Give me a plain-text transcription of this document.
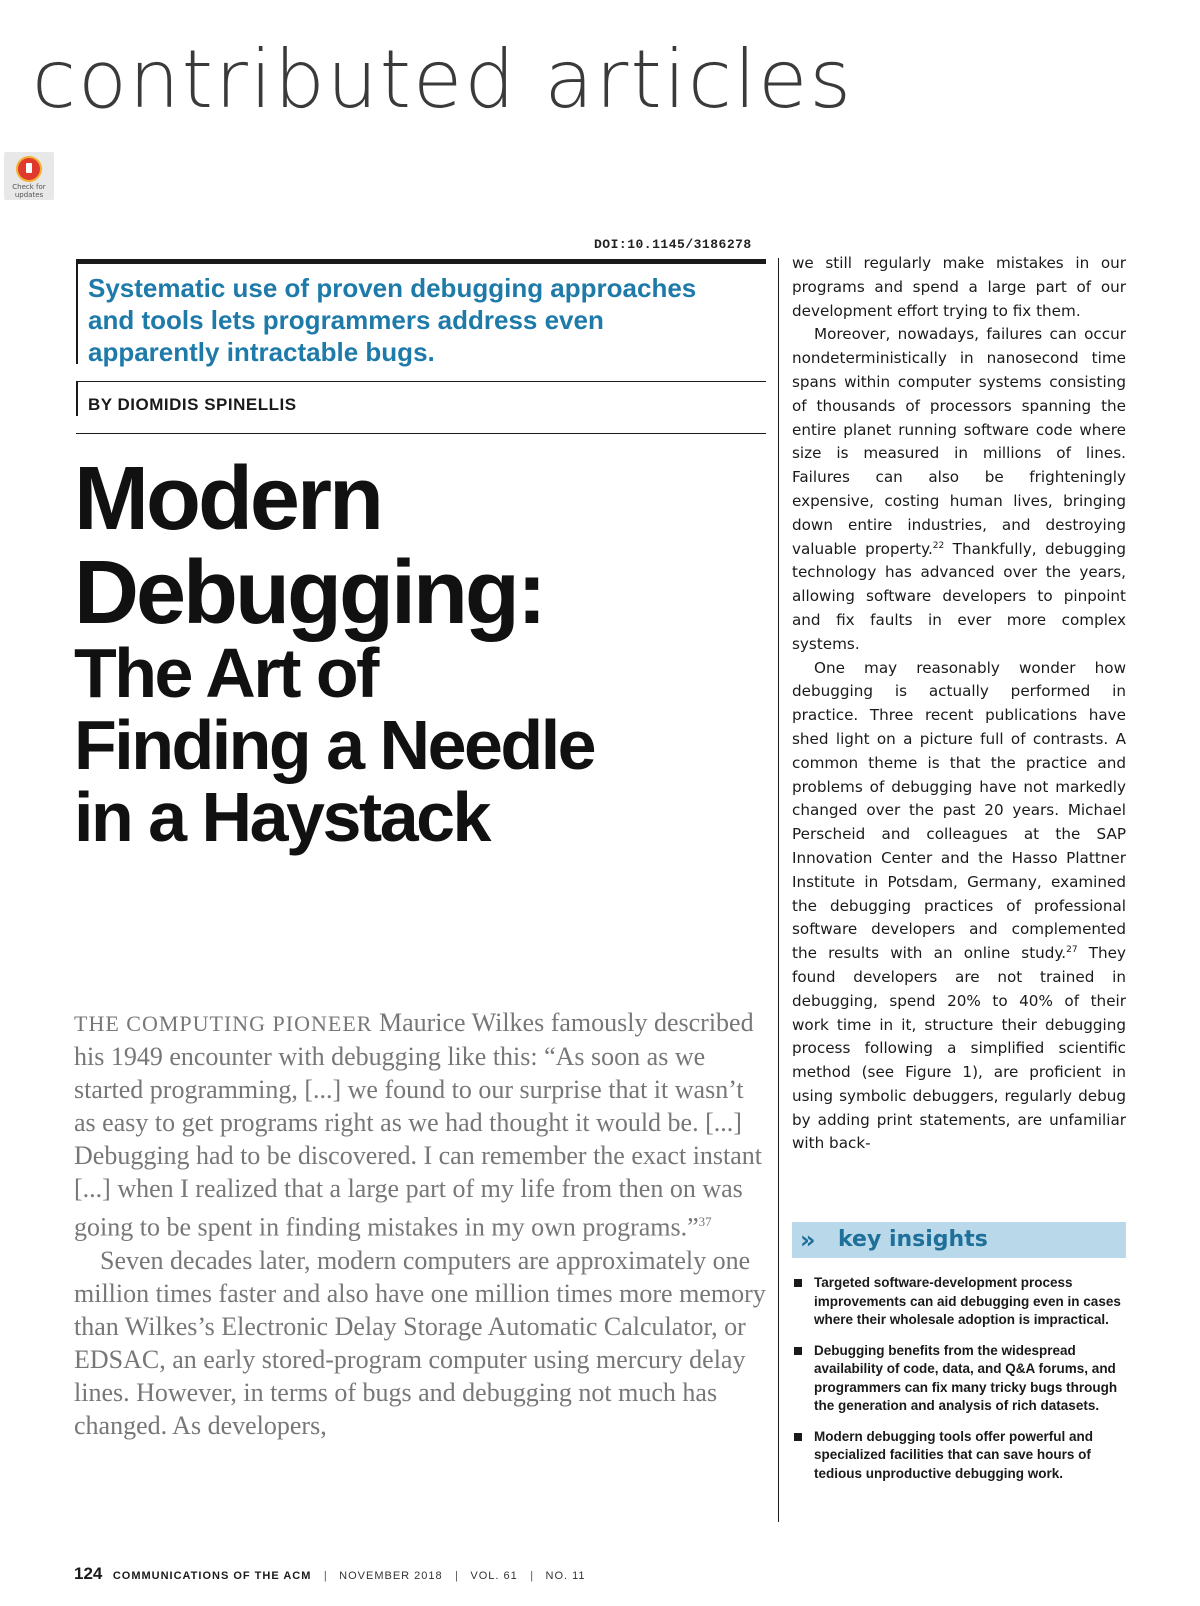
contributed articles
Check for updates
DOI:10.1145/3186278
Systematic use of proven debugging approaches and tools lets programmers address even apparently intractable bugs.
BY DIOMIDIS SPINELLIS
Modern
Debugging:
The Art of
Finding a Needle
in a Haystack

THE COMPUTING PIONEER Maurice Wilkes famously described his 1949 encounter with debugging like this: “As soon as we started programming, [...] we found to our surprise that it wasn’t as easy to get programs right as we had thought it would be. [...] Debugging had to be discovered. I can remember the exact instant [...] when I realized that a large part of my life from then on was going to be spent in finding mistakes in my own programs.”$^{37}$

Seven decades later, modern computers are approximately one million times faster and also have one million times more memory than Wilkes’s Electronic Delay Storage Automatic Calculator, or EDSAC, an early stored-program computer using mercury delay lines. However, in terms of bugs and debugging not much has changed. As developers,

we still regularly make mistakes in our programs and spend a large part of our development effort trying to fix them.

Moreover, nowadays, failures can occur nondeterministically in nanosecond time spans within computer systems consisting of thousands of processors spanning the entire planet running software code where size is measured in millions of lines. Failures can also be frighteningly expensive, costing human lives, bringing down entire industries, and destroying valuable property.$^{22}$ Thankfully, debugging technology has advanced over the years, allowing software developers to pinpoint and fix faults in ever more complex systems.

One may reasonably wonder how debugging is actually performed in practice. Three recent publications have shed light on a picture full of contrasts. A common theme is that the practice and problems of debugging have not markedly changed over the past 20 years. Michael Perscheid and colleagues at the SAP Innovation Center and the Hasso Plattner Institute in Potsdam, Germany, examined the debugging practices of professional software developers and complemented the results with an online study.$^{27}$ They found developers are not trained in debugging, spend 20% to 40% of their work time in it, structure their debugging process following a simplified scientific method (see Figure 1), are proficient in using symbolic debuggers, regularly debug by adding print statements, are unfamiliar with back-

» key insights
Targeted software-development process improvements can aid debugging even in cases where their wholesale adoption is impractical.
Debugging benefits from the widespread availability of code, data, and Q&A forums, and programmers can fix many tricky bugs through the generation and analysis of rich datasets.
Modern debugging tools offer powerful and specialized facilities that can save hours of tedious unproductive debugging work.
124 COMMUNICATIONS OF THE ACM | NOVEMBER 2018 | VOL. 61 | NO. 11
